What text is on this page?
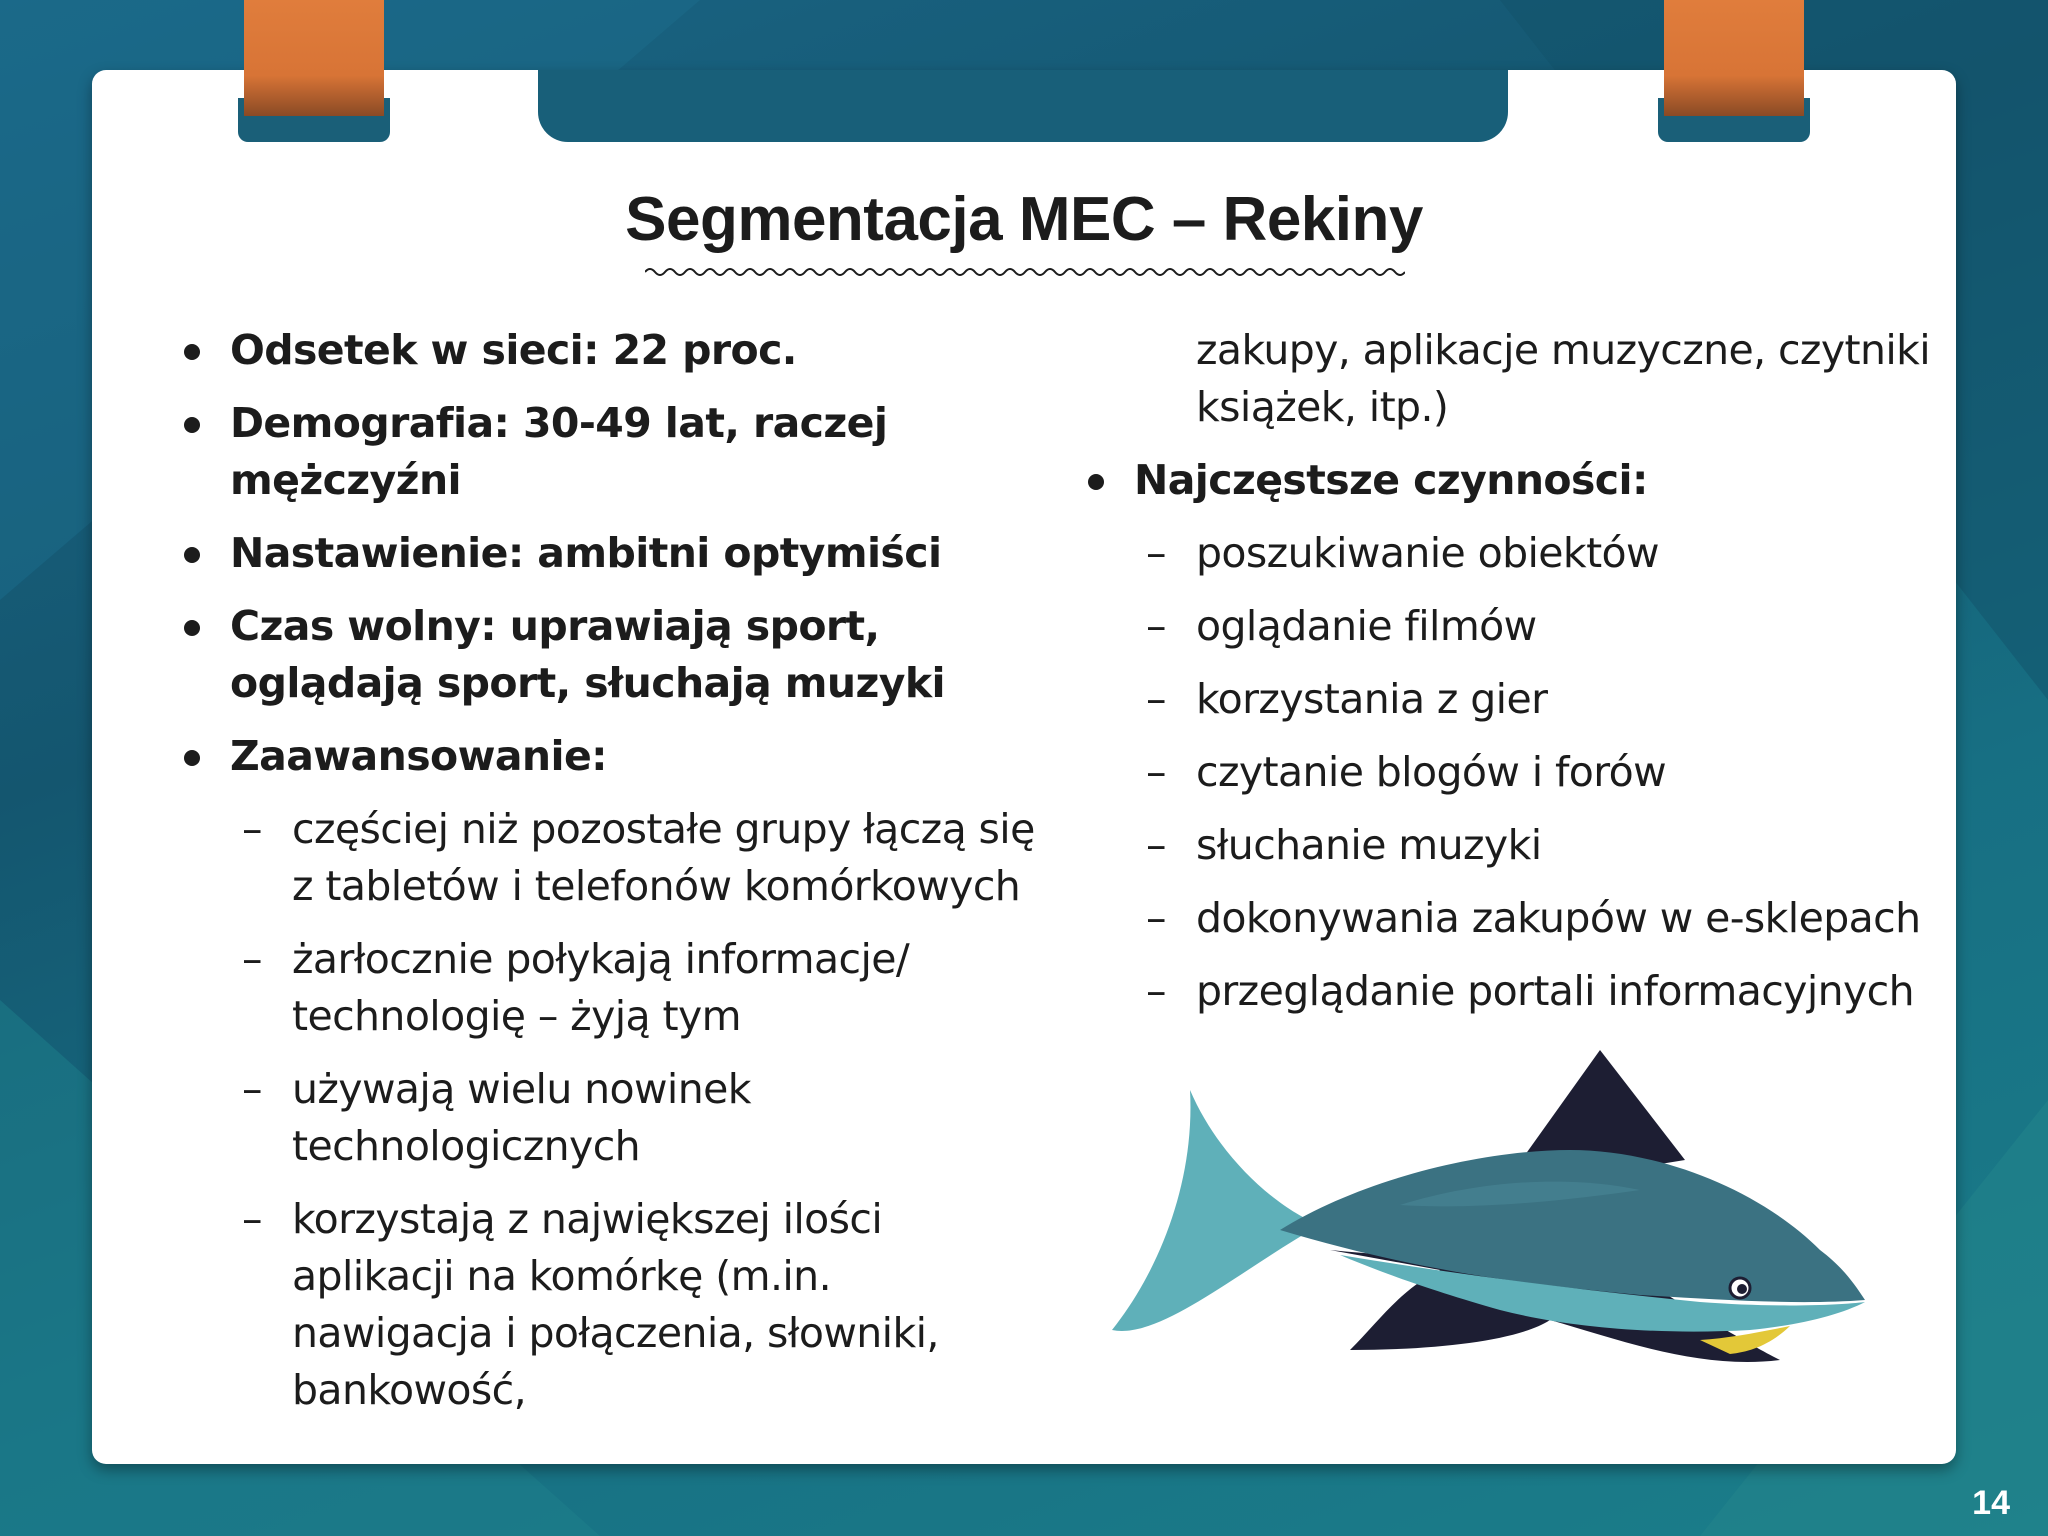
Segmentacja MEC – Rekiny
Odsetek w sieci: 22 proc.
Demografia: 30-49 lat, raczej mężczyźni
Nastawienie: ambitni optymiści
Czas wolny: uprawiają sport, oglądają sport, słuchają muzyki
Zaawansowanie:
– częściej niż pozostałe grupy łączą się z tabletów i telefonów komórkowych
– żarłocznie połykają informacje/ technologię – żyją tym
– używają wielu nowinek technologicznych
– korzystają z największej ilości aplikacji na komórkę (m.in. nawigacja i połączenia, słowniki, bankowość,
zakupy, aplikacje muzyczne, czytniki książek, itp.)
Najczęstsze czynności:
– poszukiwanie obiektów
– oglądanie filmów
– korzystania z gier
– czytanie blogów i forów
– słuchanie muzyki
– dokonywania zakupów w e-sklepach
– przeglądanie portali informacyjnych
14
